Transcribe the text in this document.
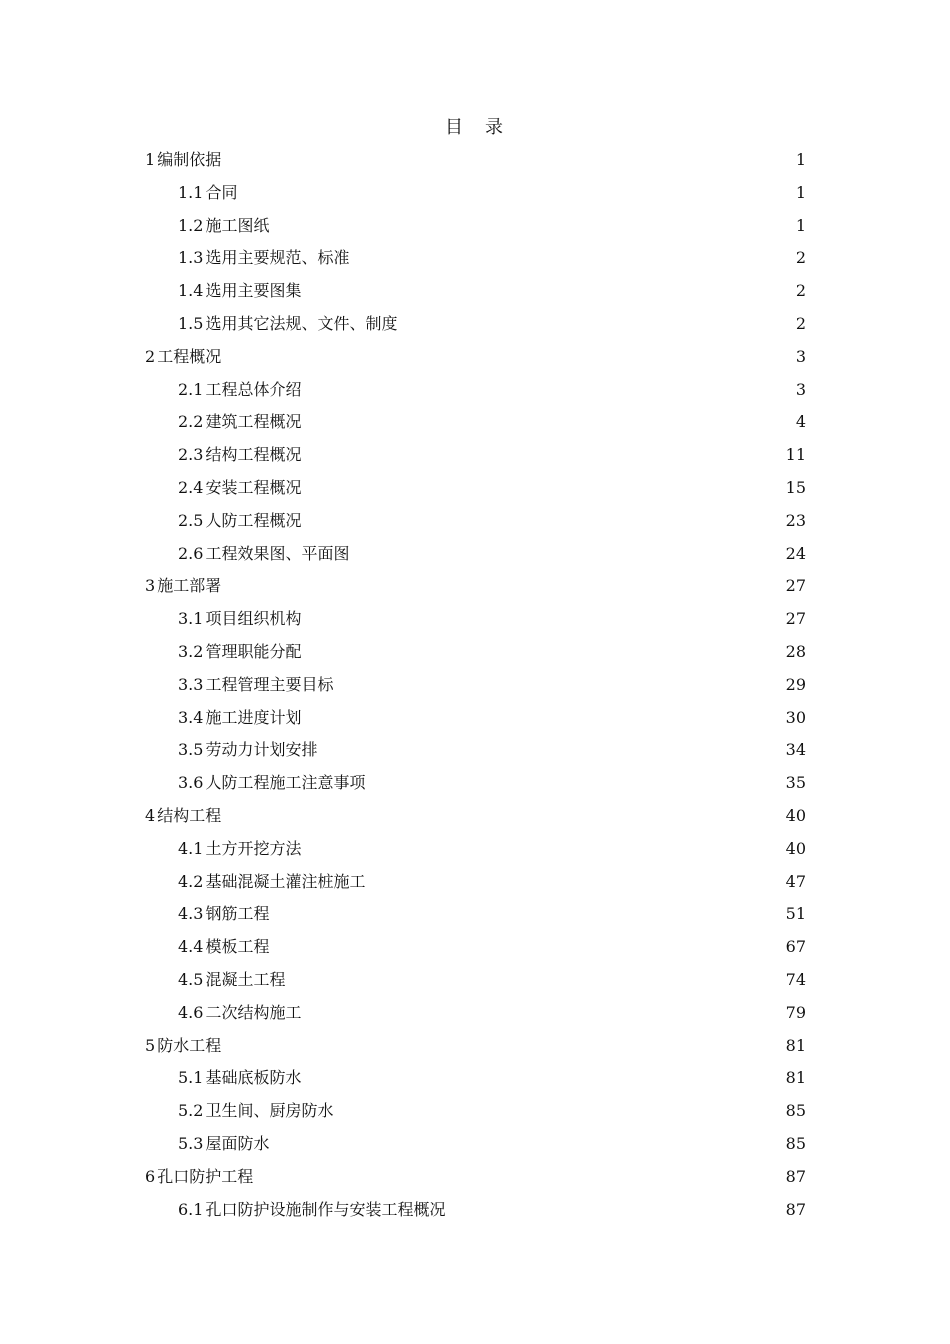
目　录
1 编制依据	1
1.1 合同	1
1.2 施工图纸	1
1.3 选用主要规范、标准	2
1.4 选用主要图集	2
1.5 选用其它法规、文件、制度	2
2 工程概况	3
2.1 工程总体介绍	3
2.2 建筑工程概况	4
2.3 结构工程概况	11
2.4 安装工程概况	15
2.5 人防工程概况	23
2.6 工程效果图、平面图	24
3 施工部署	27
3.1 项目组织机构	27
3.2 管理职能分配	28
3.3 工程管理主要目标	29
3.4 施工进度计划	30
3.5 劳动力计划安排	34
3.6 人防工程施工注意事项	35
4 结构工程	40
4.1 土方开挖方法	40
4.2 基础混凝土灌注桩施工	47
4.3 钢筋工程	51
4.4 模板工程	67
4.5 混凝土工程	74
4.6 二次结构施工	79
5 防水工程	81
5.1 基础底板防水	81
5.2 卫生间、厨房防水	85
5.3 屋面防水	85
6 孔口防护工程	87
6.1 孔口防护设施制作与安装工程概况	87
